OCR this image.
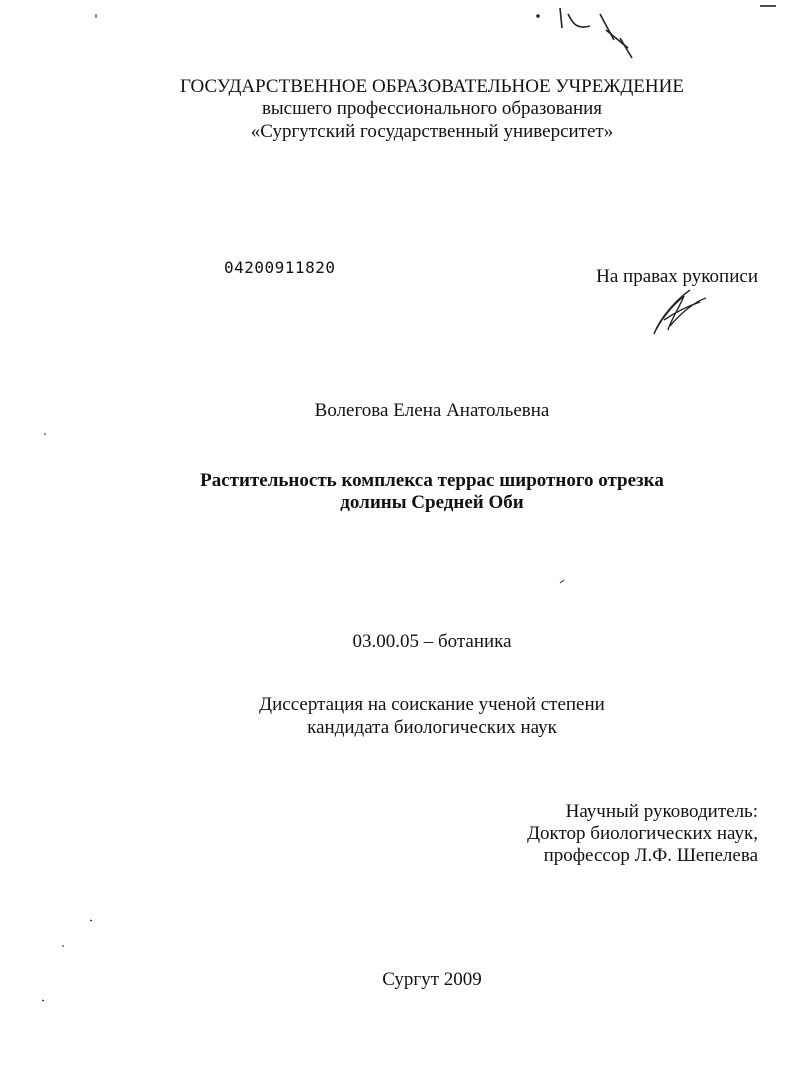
ГОСУДАРСТВЕННОЕ ОБРАЗОВАТЕЛЬНОЕ УЧРЕЖДЕНИЕ
высшего профессионального образования
«Сургутский государственный университет»
04200911820	На правах рукописи
Волегова Елена Анатольевна
Растительность комплекса террас широтного отрезка
долины Средней Оби
03.00.05 – ботаника
Диссертация на соискание ученой степени
кандидата биологических наук
Научный руководитель:
Доктор биологических наук,
профессор Л.Ф. Шепелева
Сургут 2009
